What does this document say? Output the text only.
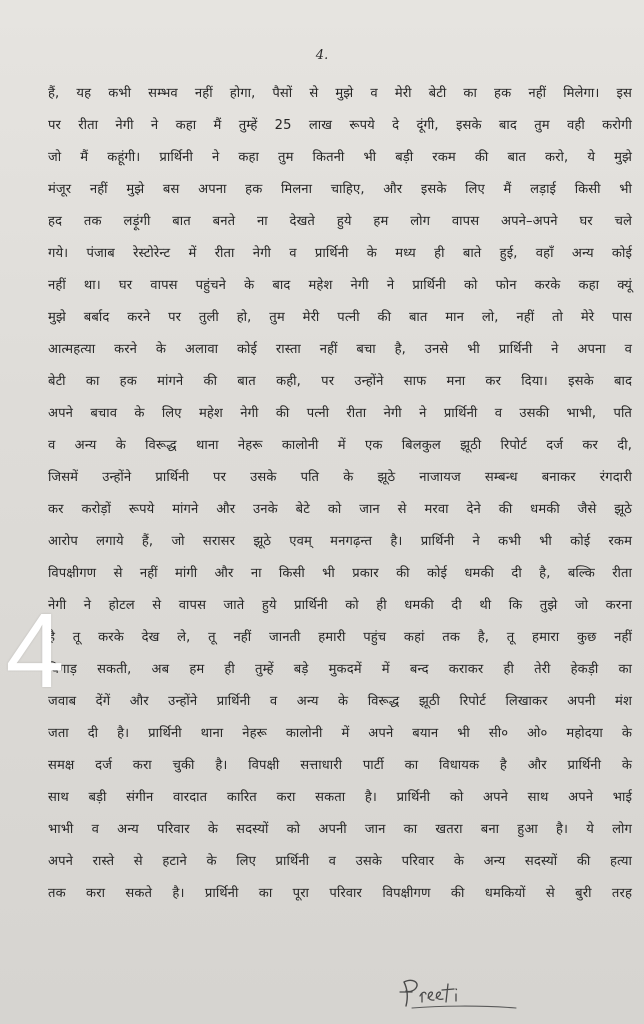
4.
हैं, यह कभी सम्भव नहीं होगा, पैसों से मुझे व मेरी बेटी का हक नहीं मिलेगा। इस
पर रीता नेगी ने कहा मैं तुम्हें 25 लाख रूपये दे दूंगी, इसके बाद तुम वही करोगी
जो मैं कहूंगी। प्रार्थिनी ने कहा तुम कितनी भी बड़ी रकम की बात करो, ये मुझे
मंजूर नहीं मुझे बस अपना हक मिलना चाहिए, और इसके लिए मैं लड़ाई किसी भी
हद तक लड़ूंगी बात बनते ना देखते हुये हम लोग वापस अपने–अपने घर चले
गये। पंजाब रेस्टोरेन्ट में रीता नेगी व प्रार्थिनी के मध्य ही बाते हुई, वहाँ अन्य कोई
नहीं था। घर वापस पहुंचने के बाद महेश नेगी ने प्रार्थिनी को फोन करके कहा क्यूं
मुझे बर्बाद करने पर तुली हो, तुम मेरी पत्नी की बात मान लो, नहीं तो मेरे पास
आत्महत्या करने के अलावा कोई रास्ता नहीं बचा है, उनसे भी प्रार्थिनी ने अपना व
बेटी का हक मांगने की बात कही, पर उन्होंने साफ मना कर दिया। इसके बाद
अपने बचाव के लिए महेश नेगी की पत्नी रीता नेगी ने प्रार्थिनी व उसकी भाभी, पति
व अन्य के विरूद्ध थाना नेहरू कालोनी में एक बिलकुल झूठी रिपोर्ट दर्ज कर दी,
जिसमें उन्होंने प्रार्थिनी पर उसके पति के झूठे नाजायज सम्बन्ध बनाकर रंगदारी
कर करोड़ों रूपये मांगने और उनके बेटे को जान से मरवा देने की धमकी जैसे झूठे
आरोप लगाये हैं, जो सरासर झूठे एवम् मनगढ़न्त है। प्रार्थिनी ने कभी भी कोई रकम
विपक्षीगण से नहीं मांगी और ना किसी भी प्रकार की कोई धमकी दी है, बल्कि रीता
नेगी ने होटल से वापस जाते हुये प्रार्थिनी को ही धमकी दी थी कि तुझे जो करना
है तू करके देख ले, तू नहीं जानती हमारी पहुंच कहां तक है, तू हमारा कुछ नहीं
बिगाड़ सकती, अब हम ही तुम्हें बड़े मुकदमें में बन्द कराकर ही तेरी हेकड़ी का
जवाब देंगें और उन्होंने प्रार्थिनी व अन्य के विरूद्ध झूठी रिपोर्ट लिखाकर अपनी मंश
जता दी है। प्रार्थिनी थाना नेहरू कालोनी में अपने बयान भी सी० ओ० महोदया के
समक्ष दर्ज करा चुकी है। विपक्षी सत्ताधारी पार्टी का विधायक है और प्रार्थिनी के
साथ बड़ी संगीन वारदात कारित करा सकता है। प्रार्थिनी को अपने साथ अपने भाई
भाभी व अन्य परिवार के सदस्यों को अपनी जान का खतरा बना हुआ है। ये लोग
अपने रास्ते से हटाने के लिए प्रार्थिनी व उसके परिवार के अन्य सदस्यों की हत्या
तक करा सकते है। प्रार्थिनी का पूरा परिवार विपक्षीगण की धमकियों से बुरी तरह
4
